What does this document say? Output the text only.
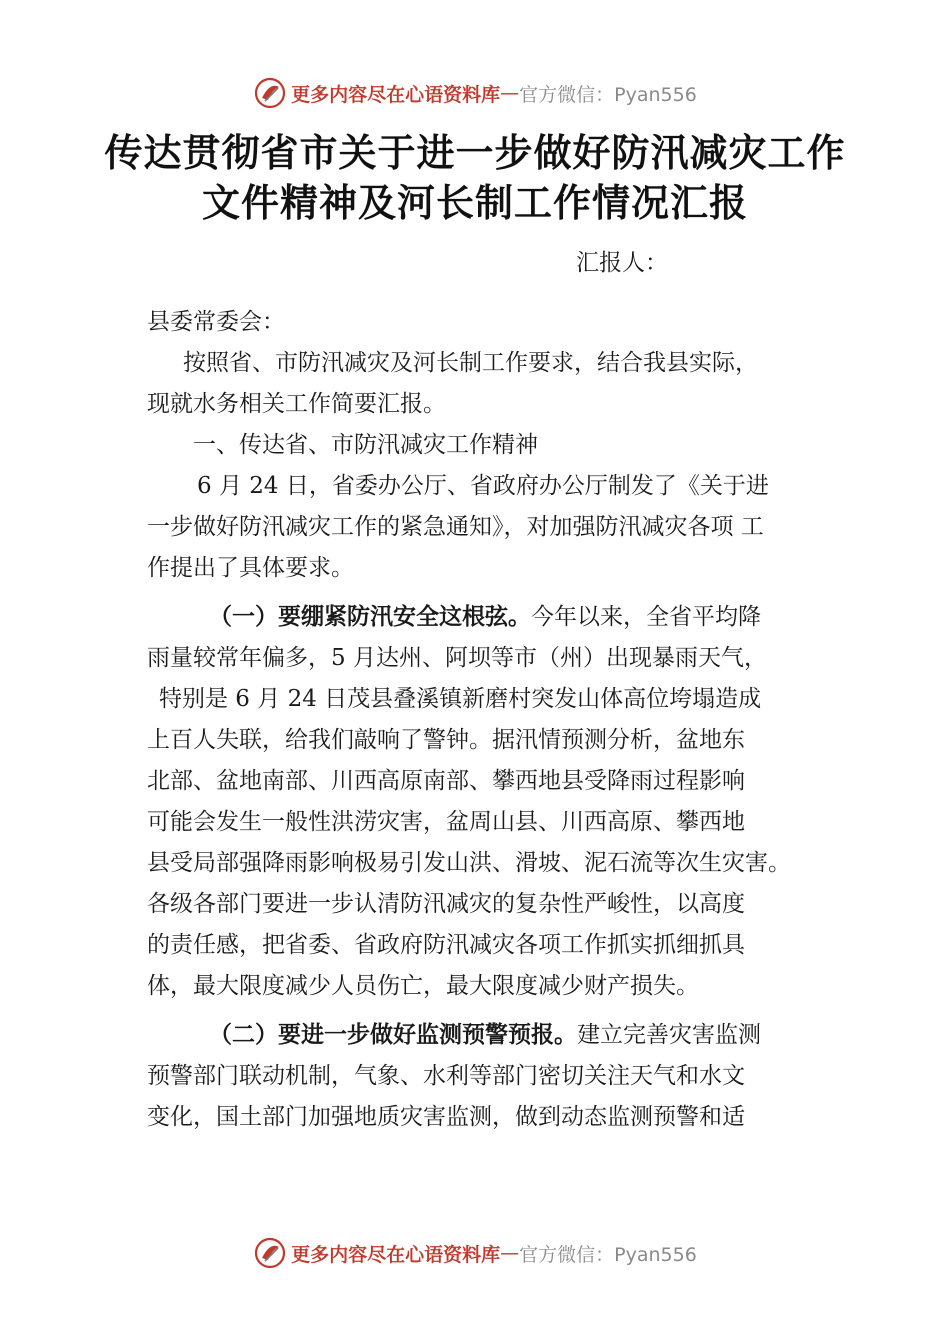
更多内容尽在心语资料库 — 官方微信：Pyan556
传达贯彻省市关于进一步做好防汛减灾工作
文件精神及河长制工作情况汇报
汇报人：
县委常委会：
按照省、市防汛减灾及河长制工作要求，结合我县实际，
现就水务相关工作简要汇报。
一、传达省、市防汛减灾工作精神
6 月 24 日，省委办公厅、省政府办公厅制发了《关于进
一步做好防汛减灾工作的紧急通知》，对加强防汛减灾各项 工
作提出了具体要求。
（一）要绷紧防汛安全这根弦。今年以来，全省平均降
雨量较常年偏多，5 月达州、阿坝等市（州）出现暴雨天气，
特别是 6 月 24 日茂县叠溪镇新磨村突发山体高位垮塌造成
上百人失联，给我们敲响了警钟。据汛情预测分析，盆地东
北部、盆地南部、川西高原南部、攀西地县受降雨过程影响
可能会发生一般性洪涝灾害，盆周山县、川西高原、攀西地
县受局部强降雨影响极易引发山洪、滑坡、泥石流等次生灾害。
各级各部门要进一步认清防汛减灾的复杂性严峻性，以高度
的责任感，把省委、省政府防汛减灾各项工作抓实抓细抓具
体，最大限度减少人员伤亡，最大限度减少财产损失。
（二）要进一步做好监测预警预报。建立完善灾害监测
预警部门联动机制，气象、水利等部门密切关注天气和水文
变化，国土部门加强地质灾害监测，做到动态监测预警和适
更多内容尽在心语资料库 — 官方微信：Pyan556
